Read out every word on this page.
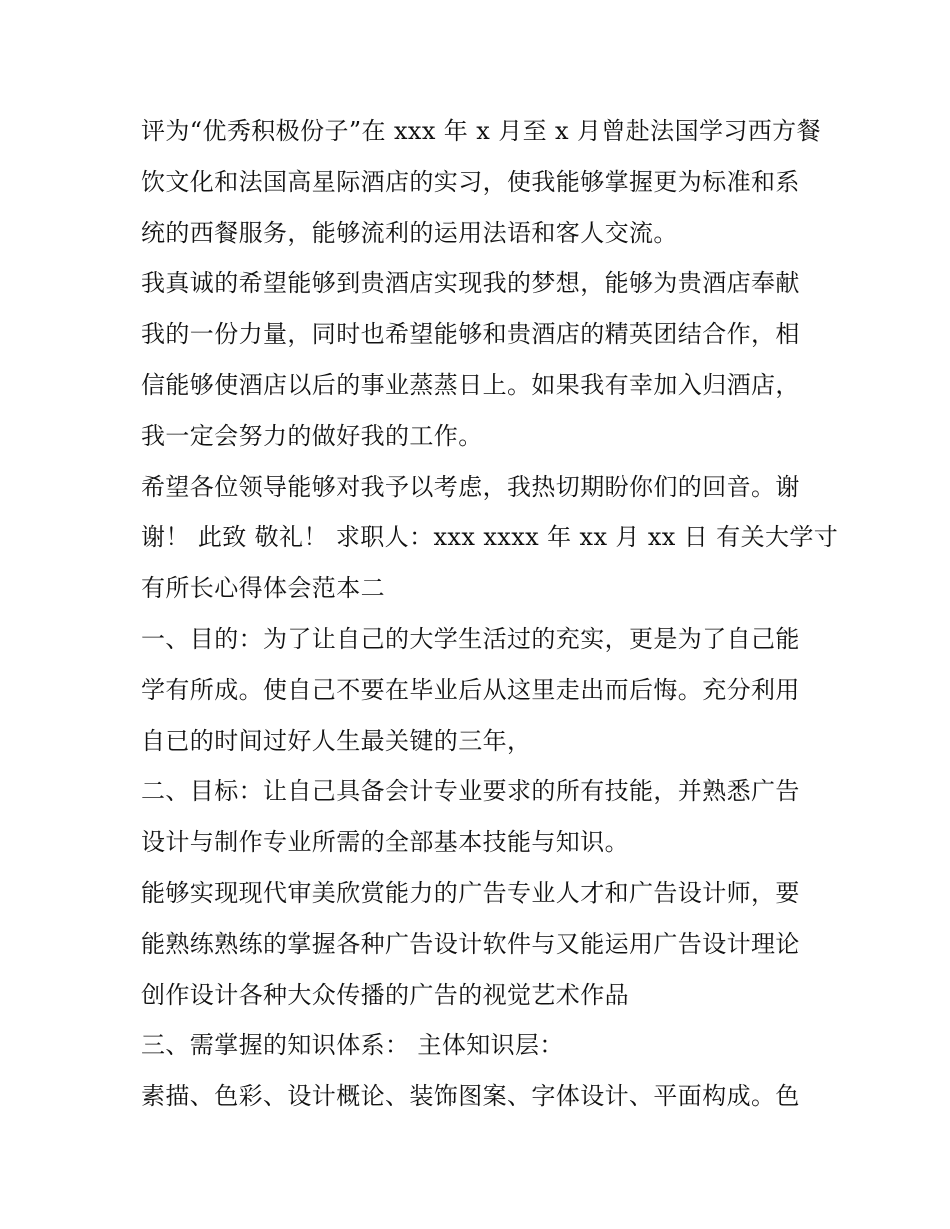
评为“优秀积极份子”在 xxx 年 x 月至 x 月曾赴法国学习西方餐
饮文化和法国高星际酒店的实习，使我能够掌握更为标准和系
统的西餐服务，能够流利的运用法语和客人交流。
我真诚的希望能够到贵酒店实现我的梦想，能够为贵酒店奉献
我的一份力量，同时也希望能够和贵酒店的精英团结合作，相
信能够使酒店以后的事业蒸蒸日上。如果我有幸加入归酒店，
我一定会努力的做好我的工作。
希望各位领导能够对我予以考虑，我热切期盼你们的回音。谢
谢！ 此致 敬礼！ 求职人：xxx xxxx 年 xx 月 xx 日 有关大学寸
有所长心得体会范本二
一、目的：为了让自己的大学生活过的充实，更是为了自己能
学有所成。使自己不要在毕业后从这里走出而后悔。充分利用
自已的时间过好人生最关键的三年，
二、目标：让自己具备会计专业要求的所有技能，并熟悉广告
设计与制作专业所需的全部基本技能与知识。
能够实现现代审美欣赏能力的广告专业人才和广告设计师，要
能熟练熟练的掌握各种广告设计软件与又能运用广告设计理论
创作设计各种大众传播的广告的视觉艺术作品
三、需掌握的知识体系： 主体知识层：
素描、色彩、设计概论、装饰图案、字体设计、平面构成。色
